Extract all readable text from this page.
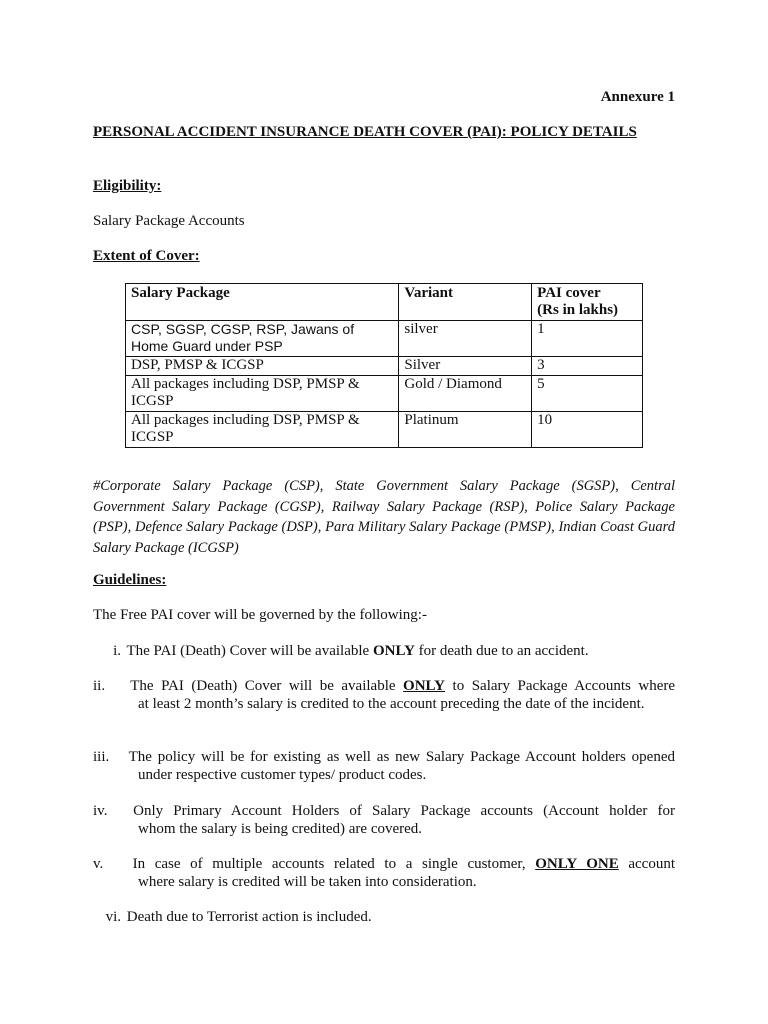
Annexure 1
PERSONAL ACCIDENT INSURANCE DEATH COVER (PAI): POLICY DETAILS
Eligibility:
Salary Package Accounts
Extent of Cover:
Salary Package	Variant	PAI cover
(Rs in lakhs)
CSP, SGSP, CGSP, RSP, Jawans of Home Guard under PSP	silver	1
DSP, PMSP & ICGSP	Silver	3
All packages including DSP, PMSP & ICGSP	Gold / Diamond	5
All packages including DSP, PMSP & ICGSP	Platinum	10
#Corporate Salary Package (CSP), State Government Salary Package (SGSP), Central Government Salary Package (CGSP), Railway Salary Package (RSP), Police Salary Package (PSP), Defence Salary Package (DSP), Para Military Salary Package (PMSP), Indian Coast Guard Salary Package (ICGSP)
Guidelines:
The Free PAI cover will be governed by the following:-
i. The PAI (Death) Cover will be available ONLY for death due to an accident.
ii. The PAI (Death) Cover will be available ONLY to Salary Package Accounts where
at least 2 month’s salary is credited to the account preceding the date of the incident.
iii. The policy will be for existing as well as new Salary Package Account holders opened
under respective customer types/ product codes.
iv. Only Primary Account Holders of Salary Package accounts (Account holder for
whom the salary is being credited) are covered.
v. In case of multiple accounts related to a single customer, ONLY ONE account
where salary is credited will be taken into consideration.
vi. Death due to Terrorist action is included.
